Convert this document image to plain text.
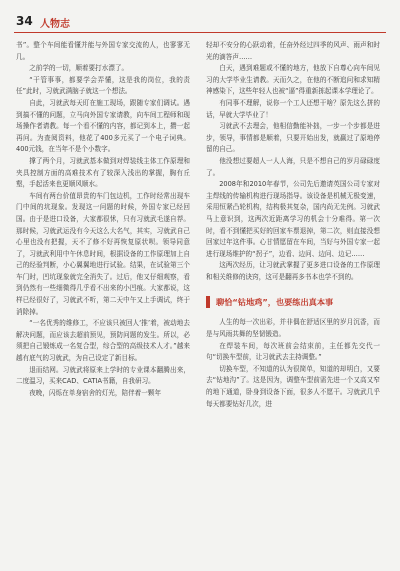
34 人物志

书”。整个车间能看懂并能与外国专家交流的人，也寥寥无几。

之前学的一切，顺着要打水漂了。

“干管事事，都要学会弄懂，这是我的岗位，我的责任”此时，习就武满脑子就这一个想法。

自此，习就武每天盯在施工现场，跟随专家们调试。遇到搞不懂的问题，立马向外国专家请教，向车间工程师和现场操作者请教。每一个看不懂的内容，都记到本上，攒一起再问。为查阅资料，他花了400多元买了一个电子词典。400元钱，在当年不是个小数字。

撑了两个月，习就武基本做到对焊装线主体工作原理和夹具控制方面的高难技术有了较深入浅出的掌握，胸有丘壑，手起活来也更顺风顺水。

车间有两台价值昂贵的车门包边机，工作时经常出现车门中间的坑现象。发现这一问题的时候，外国专家已经回国。由于是进口设备，大家都很怵，只有习就武毛遂自荐。那时候，习就武运没有今天这么大名气，其实，习就武自己心里也没有把握，天不了修不好再恢复原状呗。领导同意了，习就武利用中午休息时间，根据设备的工作原理加上自己的经验判断，小心翼翼地进行试验。结果，在试验第三个车门时，凹坑现象就完全消失了。过后，他又仔细观察，看到仍然有一些细微得几乎看不出来的小凹痕。大家都说，这样已经很好了，习就武不听，第二天中午又上手调试，终于消除掉。

“一名优秀的维修工，不应该只被回人‘推’着，被动地去解决问题，而应该去超前预见，预防问题的发生。所以，必须把自己锻炼成一名复合型，综合型的高级技术人才。”越来越有底气的习就武，为自己设定了新目标。

退而结网。习就武将原来上学时的专业课本翻腾出来，二度温习，买来CAD、CATIA书籍，自我研习。

夜晚，闪烁在单身宿舍的灯光，陪伴着一颗年

轻却不安分的心跃动着，任奋外经过四季的风声、雨声和时光的滴答声……

白天，遇到难题或不懂的地方，他放下自尊心向车间见习的大学毕业生请教。天而久之，在他的不断追问和求知精神感染下，这些年轻人也被“逼”得重新拣起课本学理论了。

有同事不理解，说你一个工人还想干啥？原先这么拼的话，早就大学毕业了！

习就武不去理会，他相信勤能补拙，一步一个步都是进步，领导，事情都是顺着，只要开始出发，就赢过了原地停留的自己。

他没想过要超人一人人海，只是不想自己的岁月碌碌度了。

2008年和2010年春节，公司先后邀请英国公司专家对主焊线的传输机构进行现场指导。该设备是机械无极变速，采用恒紧凸轮机构，结构极其复杂，国内尚无先例。习就武马上意识到，这两次近距离学习的机会十分难得。第一次时，看不到懂把买好的回家车票退掉，第二次，则直接没想回家过年这件事。心甘情愿留在车间，当好与外国专家一起进行现场维护的“拐子”，边看、边问、边问、边记……

这两次经历，让习就武掌握了更多进口设备的工作原理和相关维修的诀窍，这可是翻再多书本也学不到的。

聊恰“钻地鸡”，也要练出真本事

人生的每一次出彩，并非偶在舒适区里的岁月沉香，而是与风雨共舞的坚韧锻造。

在焊装车间，每次班前会结束前，主任都先交代一句“切换车型前，让习就武去主持调整。”

切换车型，不知道的认为很简单，知道的却明白，又要去“钻地沟”了。这是因为，调整车型前需先进一个又高又窄的地下通道，卧身到设备下面，很多人不愿干。习就武几乎每天都要钻好几次，进
